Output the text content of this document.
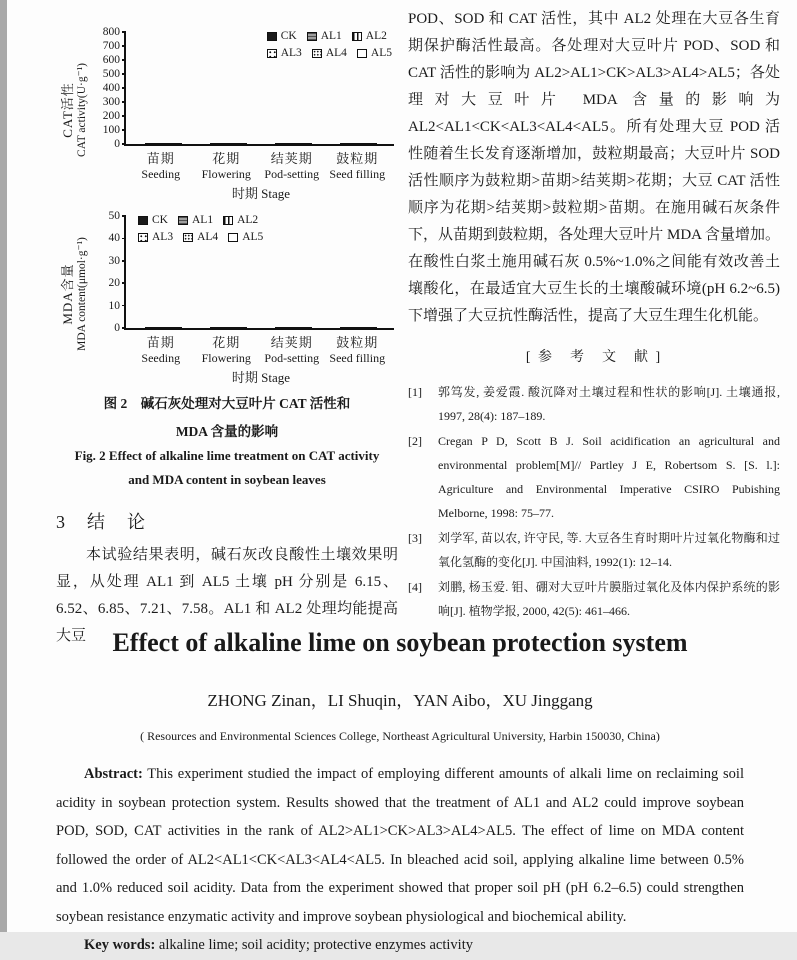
CAT活性 CAT activity(U·g⁻¹)	0
100
200
300
400
500
600
700
800	CK AL1 AL2
AL3 AL4 AL5
苗期	花期	结荚期	鼓粒期
Seeding	Flowering	Pod-setting Seed filling
时期 Stage
MDA含量 MDA content(μmol·g⁻¹)	0
10
20
30
40
50	CK AL1 AL2
AL3 AL4 AL5
苗期	花期	结荚期	鼓粒期
Seeding	Flowering	Pod-setting Seed filling
时期 Stage
图 2　碱石灰处理对大豆叶片 CAT 活性和
MDA 含量的影响
Fig. 2 Effect of alkaline lime treatment on CAT activity
and MDA content in soybean leaves
3　结　论
本试验结果表明，碱石灰改良酸性土壤效果明显，从处理 AL1 到 AL5 土壤 pH 分别是 6.15、6.52、6.85、7.21、7.58。AL1 和 AL2 处理均能提高大豆
POD、SOD 和 CAT 活性，其中 AL2 处理在大豆各生育期保护酶活性最高。各处理对大豆叶片 POD、SOD 和 CAT 活性的影响为 AL2>AL1>CK>AL3>AL4>AL5；各处理对大豆叶片 MDA 含量的影响为 AL2<AL1<CK<AL3<AL4<AL5。所有处理大豆 POD 活性随着生长发育逐渐增加，鼓粒期最高；大豆叶片 SOD 活性顺序为鼓粒期>苗期>结荚期>花期；大豆 CAT 活性顺序为花期>结荚期>鼓粒期>苗期。在施用碱石灰条件下，从苗期到鼓粒期，各处理大豆叶片 MDA 含量增加。在酸性白浆土施用碱石灰 0.5%~1.0%之间能有效改善土壤酸化，在最适宜大豆生长的土壤酸碱环境(pH 6.2~6.5) 下增强了大豆抗性酶活性，提高了大豆生理生化机能。
[ 参　考　文　献 ]
[1]	郭笃发, 姜爱霞. 酸沉降对土壤过程和性状的影响[J]. 土壤通报, 1997, 28(4): 187–189.
[2]	Cregan P D, Scott B J. Soil acidification an agricultural and environmental problem[M]// Partley J E, Robertsom S. [S. l.]: Agriculture and Environmental Imperative CSIRO Pubishing Melborne, 1998: 75–77.
[3]	刘学军, 苗以农, 许守民, 等. 大豆各生育时期叶片过氧化物酶和过氧化氢酶的变化[J]. 中国油料, 1992(1): 12–14.
[4]	刘鹏, 杨玉爱. 钼、硼对大豆叶片膜脂过氧化及体内保护系统的影响[J]. 植物学报, 2000, 42(5): 461–466.
Effect of alkaline lime on soybean protection system
ZHONG Zinan，LI Shuqin，YAN Aibo，XU Jinggang
( Resources and Environmental Sciences College, Northeast Agricultural University, Harbin 150030, China)
Abstract: This experiment studied the impact of employing different amounts of alkali lime on reclaiming soil acidity in soybean protection system. Results showed that the treatment of AL1 and AL2 could improve soybean POD, SOD, CAT activities in the rank of AL2>AL1>CK>AL3>AL4>AL5. The effect of lime on MDA content followed the order of AL2<AL1<CK<AL3<AL4<AL5. In bleached acid soil, applying alkaline lime between 0.5% and 1.0% reduced soil acidity. Data from the experiment showed that proper soil pH (pH 6.2–6.5) could strengthen soybean resistance enzymatic activity and improve soybean physiological and biochemical ability.
Key words: alkaline lime; soil acidity; protective enzymes activity
